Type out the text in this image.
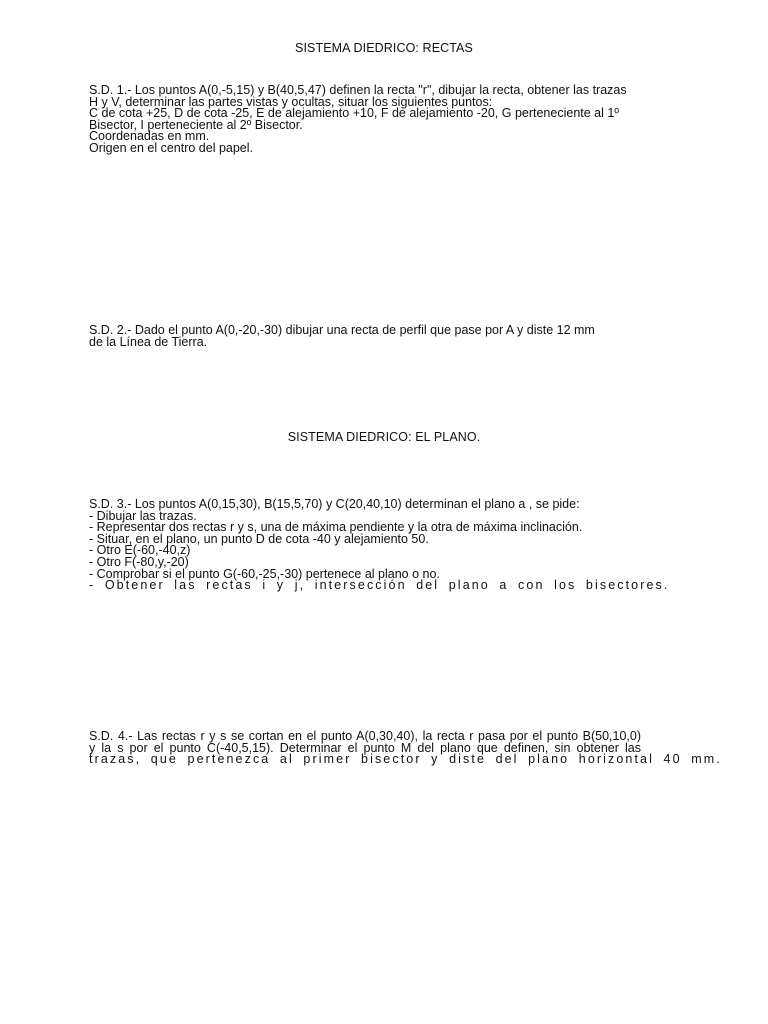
SISTEMA DIEDRICO: RECTAS
S.D. 1.- Los puntos A(0,-5,15) y B(40,5,47) definen la recta "r", dibujar la recta, obtener las trazas
H y V, determinar las partes vistas y ocultas, situar los siguientes puntos:
C de cota +25, D de cota -25, E de alejamiento +10, F de alejamiento -20, G perteneciente al 1º
Bisector, I perteneciente al 2º Bisector.
Coordenadas en mm.
Origen en el centro del papel.
S.D. 2.- Dado el punto A(0,-20,-30) dibujar una recta de perfil que pase por A y diste 12 mm
de la Línea de Tierra.
SISTEMA DIEDRICO: EL PLANO.
S.D. 3.- Los puntos A(0,15,30), B(15,5,70) y C(20,40,10) determinan el plano a , se pide:
- Dibujar las trazas.
- Representar dos rectas r y s, una de máxima pendiente y la otra de máxima inclinación.
- Situar, en el plano, un punto D de cota -40 y alejamiento 50.
- Otro E(-60,-40,z)
- Otro F(-80,y,-20)
- Comprobar si el punto G(-60,-25,-30) pertenece al plano o no.
- Obtener las rectas i y j, intersección del plano a con los bisectores.
S.D. 4.- Las rectas r y s se cortan en el punto A(0,30,40), la recta r pasa por el punto B(50,10,0)
y la s por el punto C(-40,5,15). Determinar el punto M del plano que definen, sin obtener las
trazas, que pertenezca al primer bisector y diste del plano horizontal 40 mm.
